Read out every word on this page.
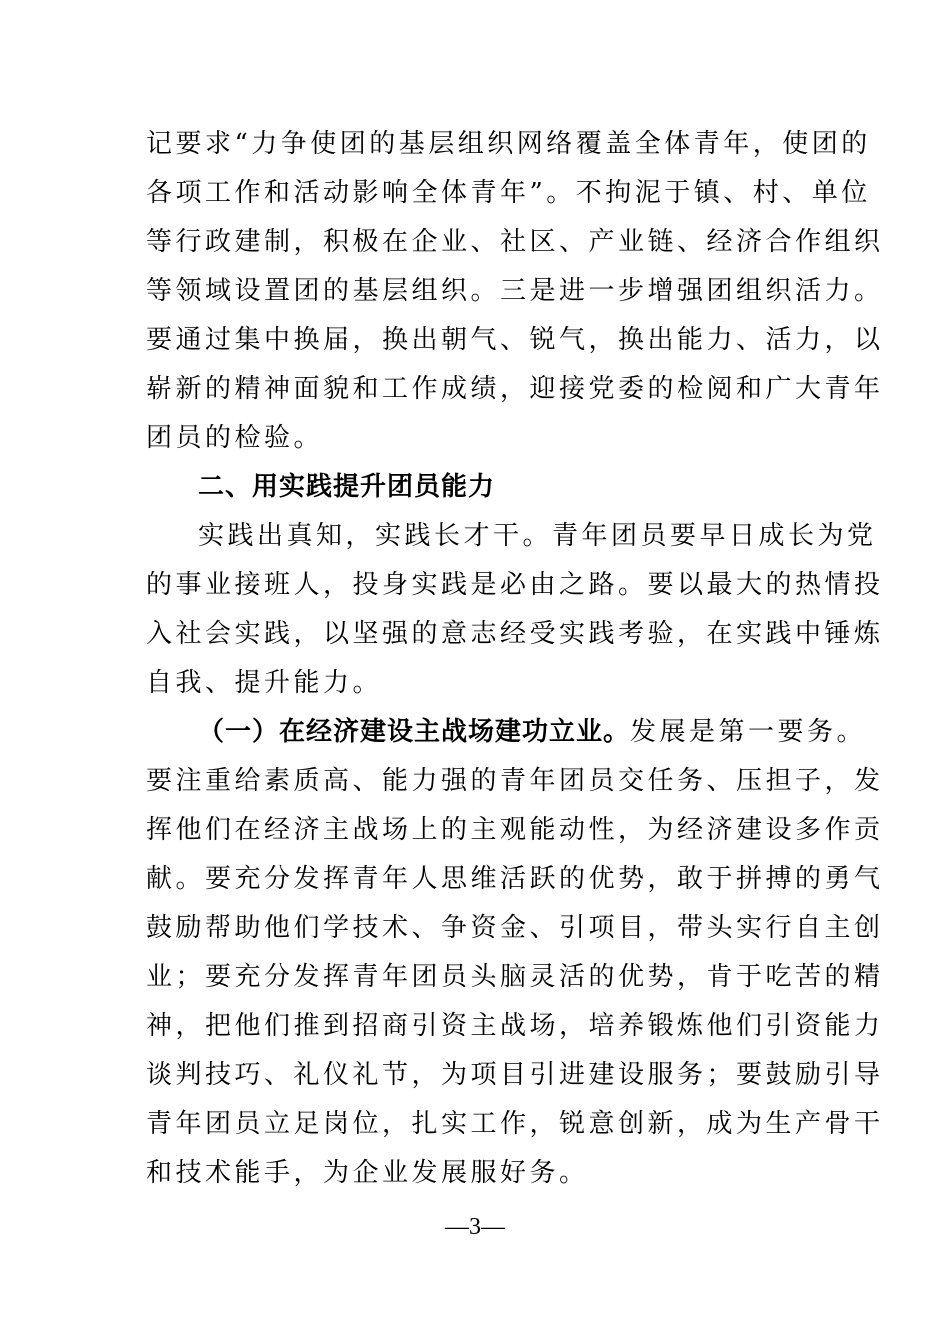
记要求“力争使团的基层组织网络覆盖全体青年，使团的
各项工作和活动影响全体青年”。不拘泥于镇、村、单位
等行政建制，积极在企业、社区、产业链、经济合作组织
等领域设置团的基层组织。三是进一步增强团组织活力。
要通过集中换届，换出朝气、锐气，换出能力、活力，以
崭新的精神面貌和工作成绩，迎接党委的检阅和广大青年
团员的检验。
二、用实践提升团员能力
实践出真知，实践长才干。青年团员要早日成长为党
的事业接班人，投身实践是必由之路。要以最大的热情投
入社会实践，以坚强的意志经受实践考验，在实践中锤炼
自我、提升能力。
（一）在经济建设主战场建功立业。发展是第一要务。
要注重给素质高、能力强的青年团员交任务、压担子，发
挥他们在经济主战场上的主观能动性，为经济建设多作贡
献。要充分发挥青年人思维活跃的优势，敢于拼搏的勇气
鼓励帮助他们学技术、争资金、引项目，带头实行自主创
业；要充分发挥青年团员头脑灵活的优势，肯于吃苦的精
神，把他们推到招商引资主战场，培养锻炼他们引资能力
谈判技巧、礼仪礼节，为项目引进建设服务；要鼓励引导
青年团员立足岗位，扎实工作，锐意创新，成为生产骨干
和技术能手，为企业发展服好务。
—3—
